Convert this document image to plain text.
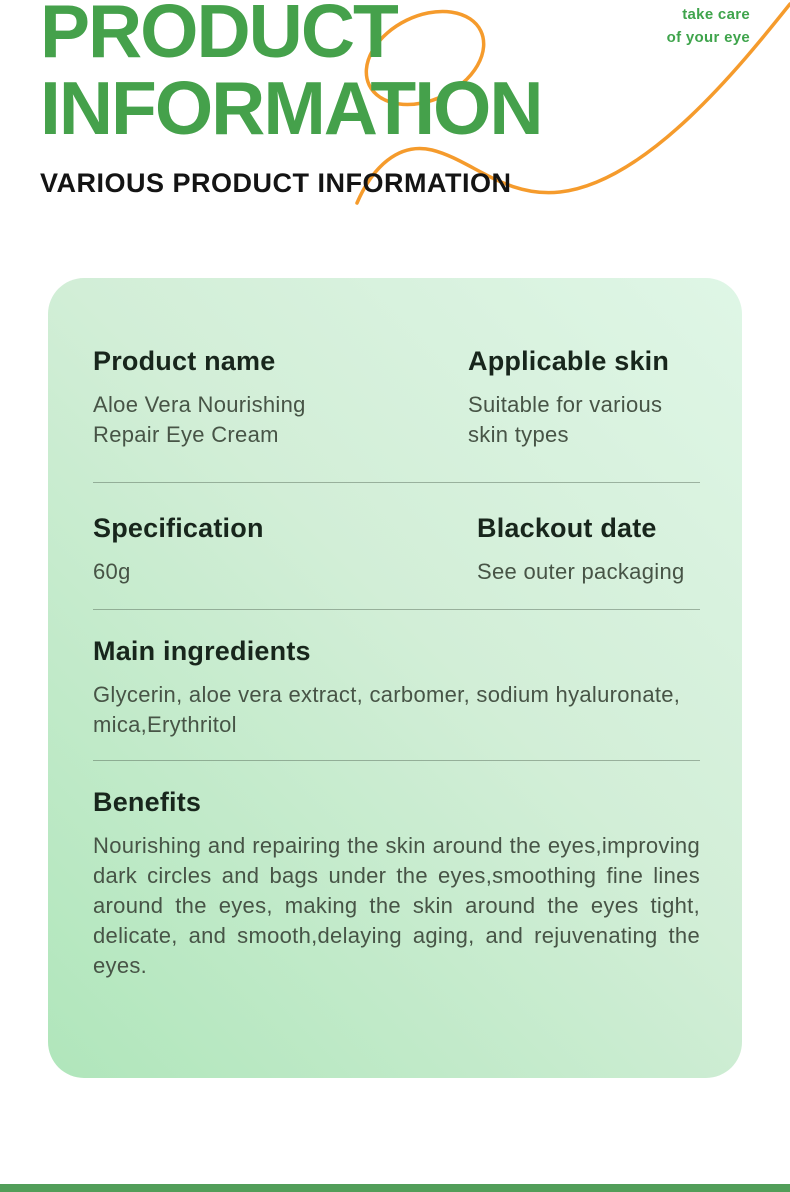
PRODUCT
INFORMATION
take care
of your eye
VARIOUS PRODUCT INFORMATION
Product name

Aloe Vera Nourishing Repair Eye Cream

Applicable skin

Suitable for various skin types

Specification

60g

Blackout date

See outer packaging

Main ingredients

Glycerin, aloe vera extract, carbomer, sodium hyaluronate, mica,Erythritol

Benefits

Nourishing and repairing the skin around the eyes,improving dark circles and bags under the eyes,smoothing fine lines around the eyes, making the skin around the eyes tight, delicate, and smooth,delaying aging, and rejuvenating the eyes.
